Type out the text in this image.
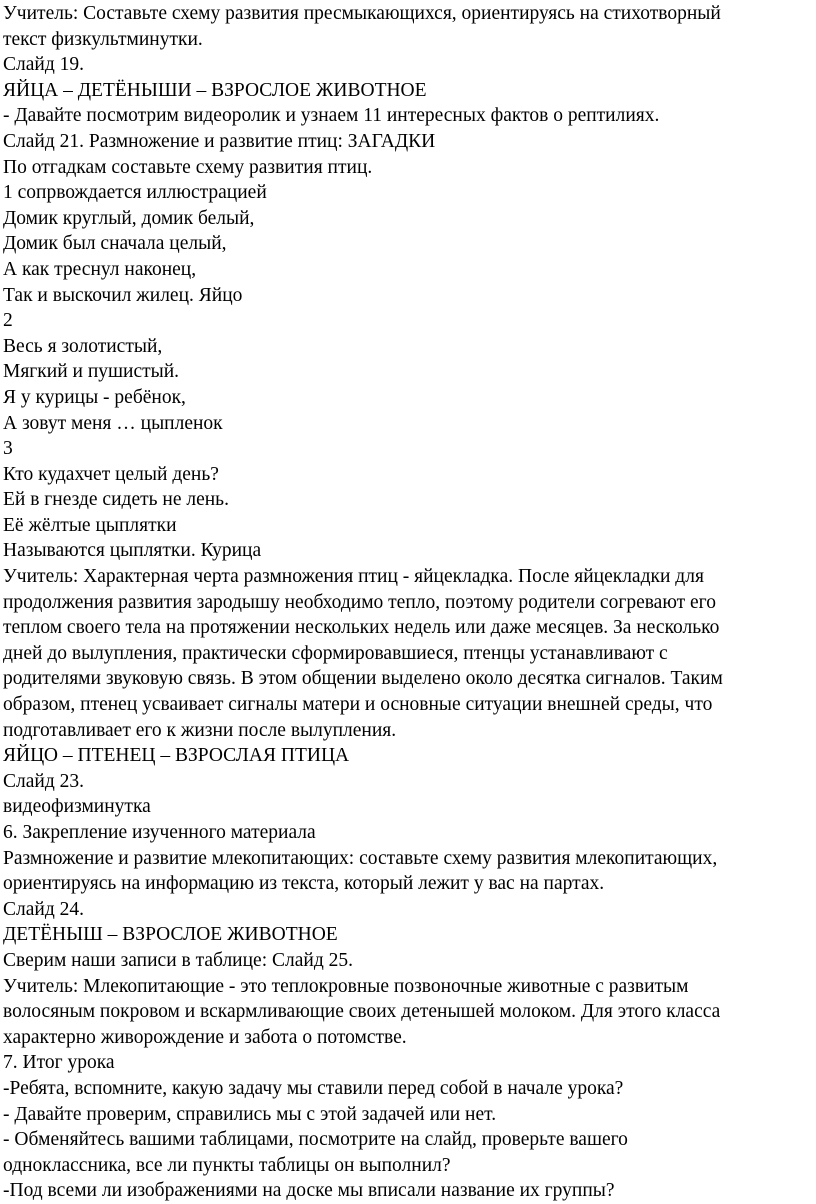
Учитель: Составьте схему развития пресмыкающихся, ориентируясь на стихотворный
текст физкультминутки.
Слайд 19.
ЯЙЦА – ДЕТЁНЫШИ – ВЗРОСЛОЕ ЖИВОТНОЕ
- Давайте посмотрим видеоролик и узнаем 11 интересных фактов о рептилиях.
Слайд 21. Размножение и развитие птиц: ЗАГАДКИ
По отгадкам составьте схему развития птиц.
1 сопрвождается иллюстрацией
Домик круглый, домик белый,
Домик был сначала целый,
А как треснул наконец,
Так и выскочил жилец. Яйцо
2
Весь я золотистый,
Мягкий и пушистый.
Я у курицы - ребёнок,
А зовут меня … цыпленок
3
Кто кудахчет целый день?
Ей в гнезде сидеть не лень.
Её жёлтые цыплятки
Называются цыплятки. Курица
Учитель: Характерная черта размножения птиц - яйцекладка. После яйцекладки для
продолжения развития зародышу необходимо тепло, поэтому родители согревают его
теплом своего тела на протяжении нескольких недель или даже месяцев. За несколько
дней до вылупления, практически сформировавшиеся, птенцы устанавливают с
родителями звуковую связь. В этом общении выделено около десятка сигналов. Таким
образом, птенец усваивает сигналы матери и основные ситуации внешней среды, что
подготавливает его к жизни после вылупления.
ЯЙЦО – ПТЕНЕЦ – ВЗРОСЛАЯ ПТИЦА
Слайд 23.
видеофизминутка
6. Закрепление изученного материала
Размножение и развитие млекопитающих: составьте схему развития млекопитающих,
ориентируясь на информацию из текста, который лежит у вас на партах.
Слайд 24.
ДЕТЁНЫШ – ВЗРОСЛОЕ ЖИВОТНОЕ
Сверим наши записи в таблице: Слайд 25.
Учитель: Млекопитающие - это теплокровные позвоночные животные с развитым
волосяным покровом и вскармливающие своих детенышей молоком. Для этого класса
характерно живорождение и забота о потомстве.
7. Итог урока
-Ребята, вспомните, какую задачу мы ставили перед собой в начале урока?
- Давайте проверим, справились мы с этой задачей или нет.
- Обменяйтесь вашими таблицами, посмотрите на слайд, проверьте вашего
одноклассника, все ли пункты таблицы он выполнил?
-Под всеми ли изображениями на доске мы вписали название их группы?
